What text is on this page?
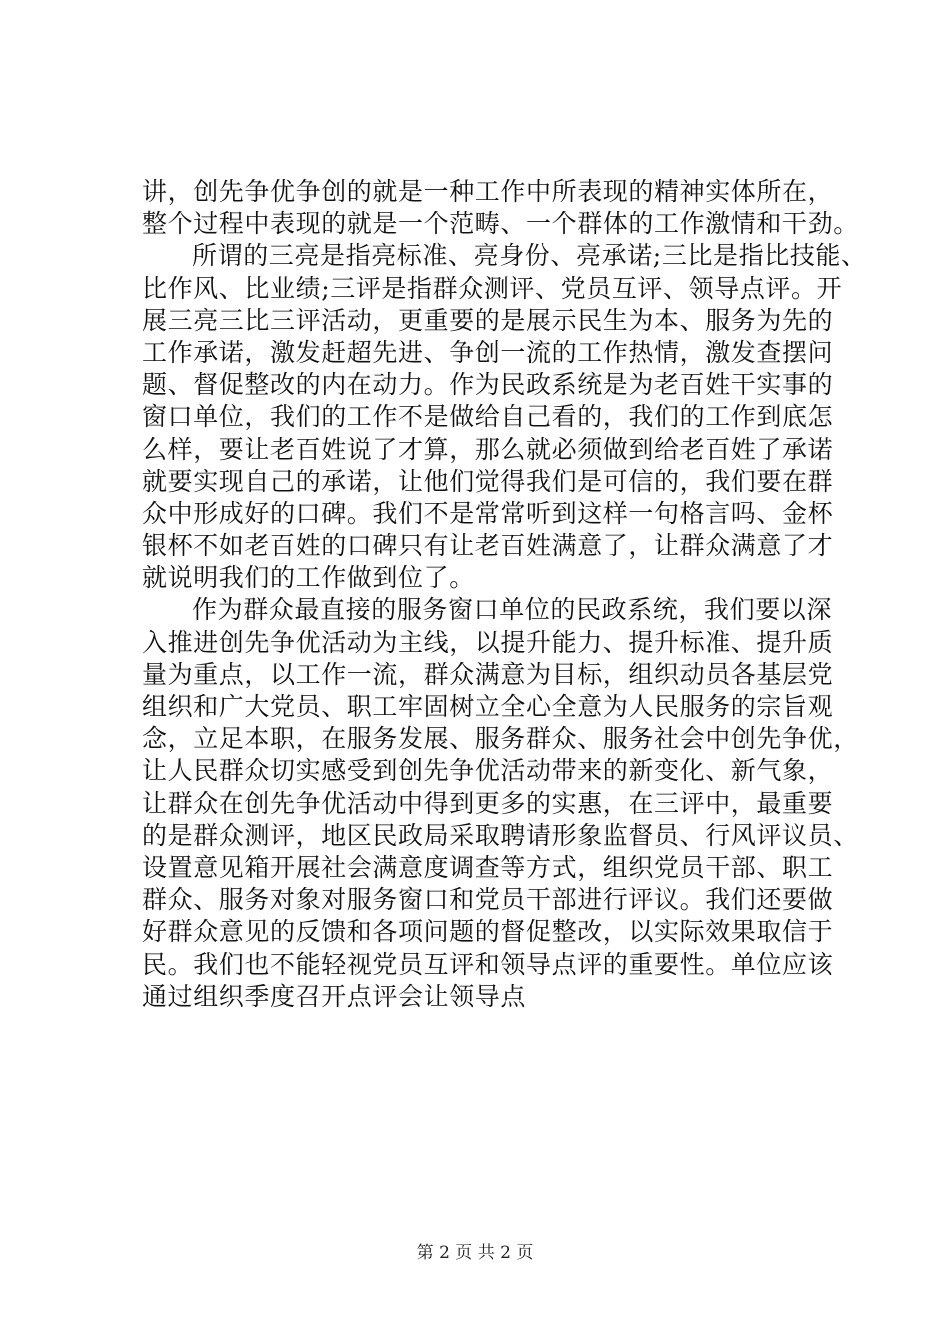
讲，创先争优争创的就是一种工作中所表现的精神实体所在，
整个过程中表现的就是一个范畴、一个群体的工作激情和干劲。
所谓的三亮是指亮标准、亮身份、亮承诺;三比是指比技能、
比作风、比业绩;三评是指群众测评、党员互评、领导点评。开
展三亮三比三评活动，更重要的是展示民生为本、服务为先的
工作承诺，激发赶超先进、争创一流的工作热情，激发查摆问
题、督促整改的内在动力。作为民政系统是为老百姓干实事的
窗口单位，我们的工作不是做给自己看的，我们的工作到底怎
么样，要让老百姓说了才算，那么就必须做到给老百姓了承诺
就要实现自己的承诺，让他们觉得我们是可信的，我们要在群
众中形成好的口碑。我们不是常常听到这样一句格言吗、金杯
银杯不如老百姓的口碑只有让老百姓满意了，让群众满意了才
就说明我们的工作做到位了。
作为群众最直接的服务窗口单位的民政系统，我们要以深
入推进创先争优活动为主线，以提升能力、提升标准、提升质
量为重点，以工作一流，群众满意为目标，组织动员各基层党
组织和广大党员、职工牢固树立全心全意为人民服务的宗旨观
念，立足本职，在服务发展、服务群众、服务社会中创先争优，
让人民群众切实感受到创先争优活动带来的新变化、新气象，
让群众在创先争优活动中得到更多的实惠，在三评中，最重要
的是群众测评，地区民政局采取聘请形象监督员、行风评议员、
设置意见箱开展社会满意度调查等方式，组织党员干部、职工
群众、服务对象对服务窗口和党员干部进行评议。我们还要做
好群众意见的反馈和各项问题的督促整改，以实际效果取信于
民。我们也不能轻视党员互评和领导点评的重要性。单位应该
通过组织季度召开点评会让领导点
第 2 页 共 2 页
